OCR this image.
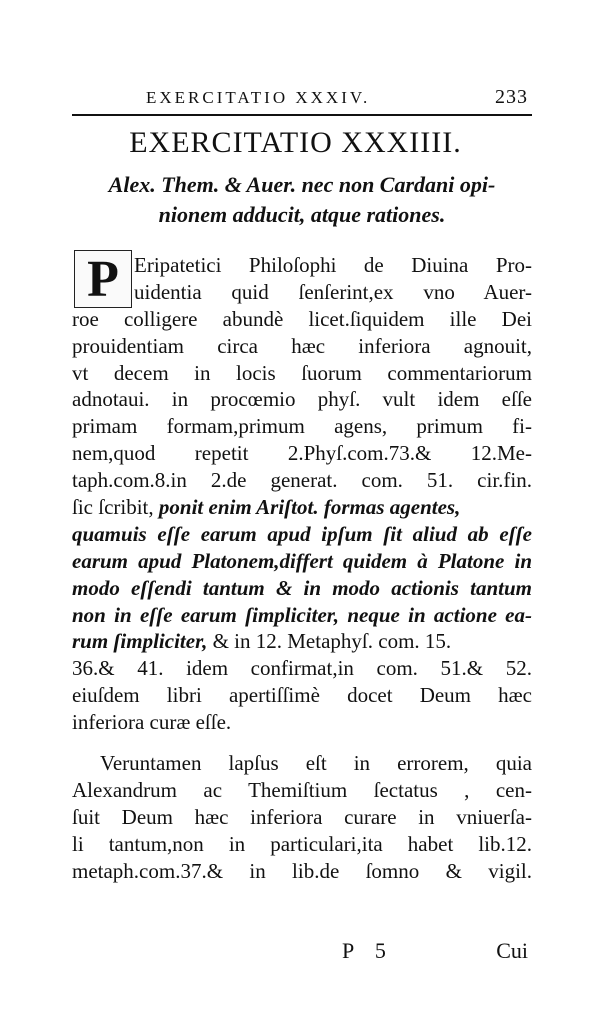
EXERCITATIO XXXIV.	233
EXERCITATIO XXXIIII.
Alex. Them. & Auer. nec non Cardani opi-
nionem adducit, atque rationes.
P Eripatetici Philoſophi de Diuina Pro-
uidentia quid ſenſerint,ex vno Auer-
roe colligere abundè licet.ſiquidem ille Dei
prouidentiam circa hæc inferiora agnouit,
vt decem in locis ſuorum commentariorum
adnotaui. in procœmio phyſ. vult idem eſſe
primam formam,primum agens, primum fi-
nem,quod repetit 2.Phyſ.com.73.& 12.Me-
taph.com.8.in 2.de generat. com. 51. cir.fin.
ſic ſcribit, ponit enim Ariſtot. formas agentes,
quamuis eſſe earum apud ipſum ſit aliud ab eſſe
earum apud Platonem,differt quidem à Platone in
modo eſſendi tantum & in modo actionis tantum
non in eſſe earum ſimpliciter, neque in actione ea-
rum ſimpliciter, & in 12. Metaphyſ. com. 15.
36.& 41. idem confirmat,in com. 51.& 52.
eiuſdem libri apertiſſimè docet Deum hæc
inferiora curæ eſſe.
Veruntamen lapſus eſt in errorem, quia
Alexandrum ac Themiſtium ſectatus , cen-
ſuit Deum hæc inferiora curare in vniuerſa-
li tantum,non in particulari,ita habet lib.12.
metaph.com.37.& in lib.de ſomno & vigil.
P 5	Cui
